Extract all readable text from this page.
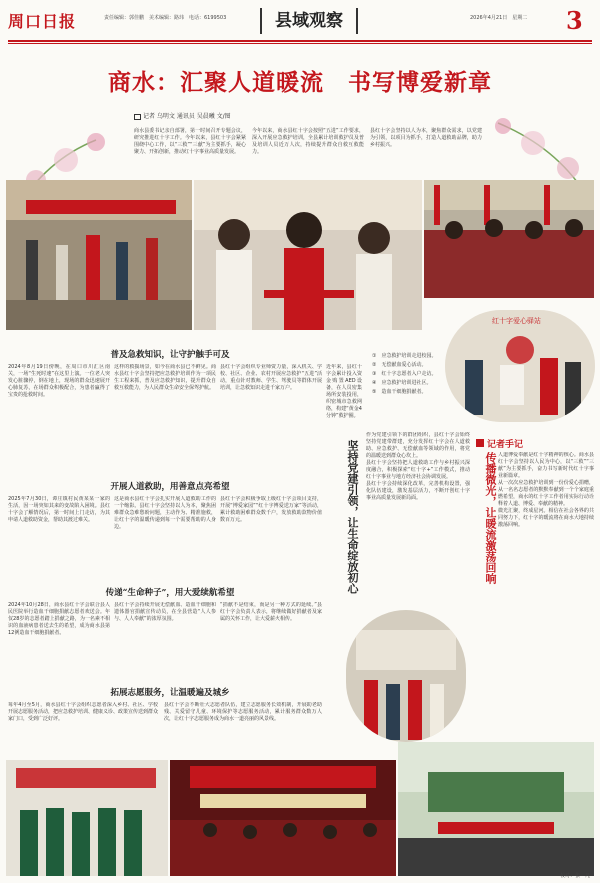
周口日报	责任编辑：郭佳鹏　美术编辑：路玮　电话：6199503	县域观察	2026年4月21日　星期二 3
商水：汇聚人道暖流　书写博爱新章
记者 乌明文 通讯员 吴晨曦 文/图
商水县委书记亲自部署，第一时间召开专题会议，研究推进红十字工作。今年以来，县红十字会紧紧围绕中心工作，以“三救”“三献”为主要抓手，凝心聚力、开拓创新，推动红十字事业高质量发展。
今年以来，商水县红十字会按照“五进”工作要求，深入开展应急救护培训，全县累计培训救护员及普及培训人员近万人次，持续提升群众自救互救能力。
县红十字会坚持以人为本，聚焦群众需求，以党建为引领，以项目为抓手，打造人道救助品牌，助力乡村振兴。
红十字爱心驿站
普及急救知识，让守护触手可及
2024年8月19日傍晚，在周口市川汇区南关，一场“生死时速”在这里上演。一位老人突发心脏骤停，倒在地上，现场的群众迅速展开心肺复苏，在场群众积极配合，为患者赢得了宝贵的抢救时间。
这样的救援场景，如今在商水县已不鲜见。商水县红十字会坚持把应急救护培训作为一项民生工程来抓，普及应急救护知识，提升群众自救互救能力，为人民群众生命安全保驾护航。
县红十字会组织专业师资力量，深入机关、学校、社区、企业、农村开展应急救护“五进”活动，重点针对教师、学生、驾驶员等群体开展培训，让急救知识走进千家万户。
近年来，县红十字会累计投入资金购置AED设备，在人员密集场所安装投用，织密城市急救网络，构建“黄金4分钟”救护圈。
①　应急救护培训走进校园。
②　无偿献血爱心活动。
③　红十字志愿者入户走访。
④　应急救护培训进社区。
⑤　造血干细胞捐献者。
开展人道救助，用善意点亮希望
2025年7月30日，谭庄镇村民黄某某一家的生活，因一场突如其来的变故陷入困境。县红十字会了解情况后，第一时间上门走访，为其申请人道救助资金，帮助其渡过难关。
这是商水县红十字会扎实开展人道救助工作的一个缩影。县红十字会坚持以人为本，聚焦困难群众急难愁盼问题，主动作为、精准施救，让红十字的温暖传递到每一个需要帮助的人身边。
县红十字会积极争取上级红十字会项目支持，开展“博爱家园”“红十字博爱送万家”等活动，累计救助困难群众数千户，发放救助款物价值数百万元。
传递“生命种子”，用大爱续航希望
2024年10月28日，商水县红十字会联合县人民医院举行造血干细胞捐献志愿者欢送会。年仅28岁的志愿者踏上捐献之路，为一名素不相识的血液病患者送去生的希望，成为商水县第12例造血干细胞捐献者。
县红十字会持续开展无偿献血、造血干细胞和遗体器官捐献宣传动员，在全县营造“人人参与、人人奉献”的浓厚氛围。
“捐献不是结束，而是另一种方式的延续。”县红十字会负责人表示，将继续做好捐献者及家属的关怀工作，让大爱薪火相传。
拓展志愿服务，让温暖遍及城乡
每年4月至5月，商水县红十字会组织志愿者深入乡村、社区、学校开展志愿服务活动，把应急救护培训、健康义诊、政策宣传送到群众家门口，受到广泛好评。
县红十字会不断壮大志愿者队伍，建立志愿服务长效机制，开展助老助残、关爱留守儿童、环境保护等志愿服务活动，累计服务群众数万人次，让红十字志愿服务成为商水一道亮丽的风景线。
坚持党建引领，让生命绽放初心
作为党建引领下的群团组织，县红十字会始终坚持党建带群建，充分发挥红十字会在人道救助、应急救护、无偿献血等领域的作用，将党的温暖送到群众心坎上。
县红十字会坚持把人道救助工作与乡村振兴深度融合，积极探索“红十字+”工作模式，推动红十字事业与地方经济社会协调发展。
县红十字会持续深化改革，完善机构设置，强化队伍建设，激发基层活力，不断开创红十字事业高质量发展新局面。
记者手记
传播微光，让暖流激荡回响 人道博爱奉献是红十字精神的核心。商水县红十字会坚持以人民为中心，以“三救”“三献”为主要抓手，奋力书写新时代红十字事业新篇章。
从一次次应急救护培训到一份份爱心捐赠，从一名名志愿者的默默奉献到一个个家庭重燃希望，商水的红十字工作者用实际行动诠释着人道、博爱、奉献的精神。
微光汇聚，终成星河。相信在社会各界的共同努力下，红十字的暖流将在商水大地持续激荡回响。
校对：张　凡
